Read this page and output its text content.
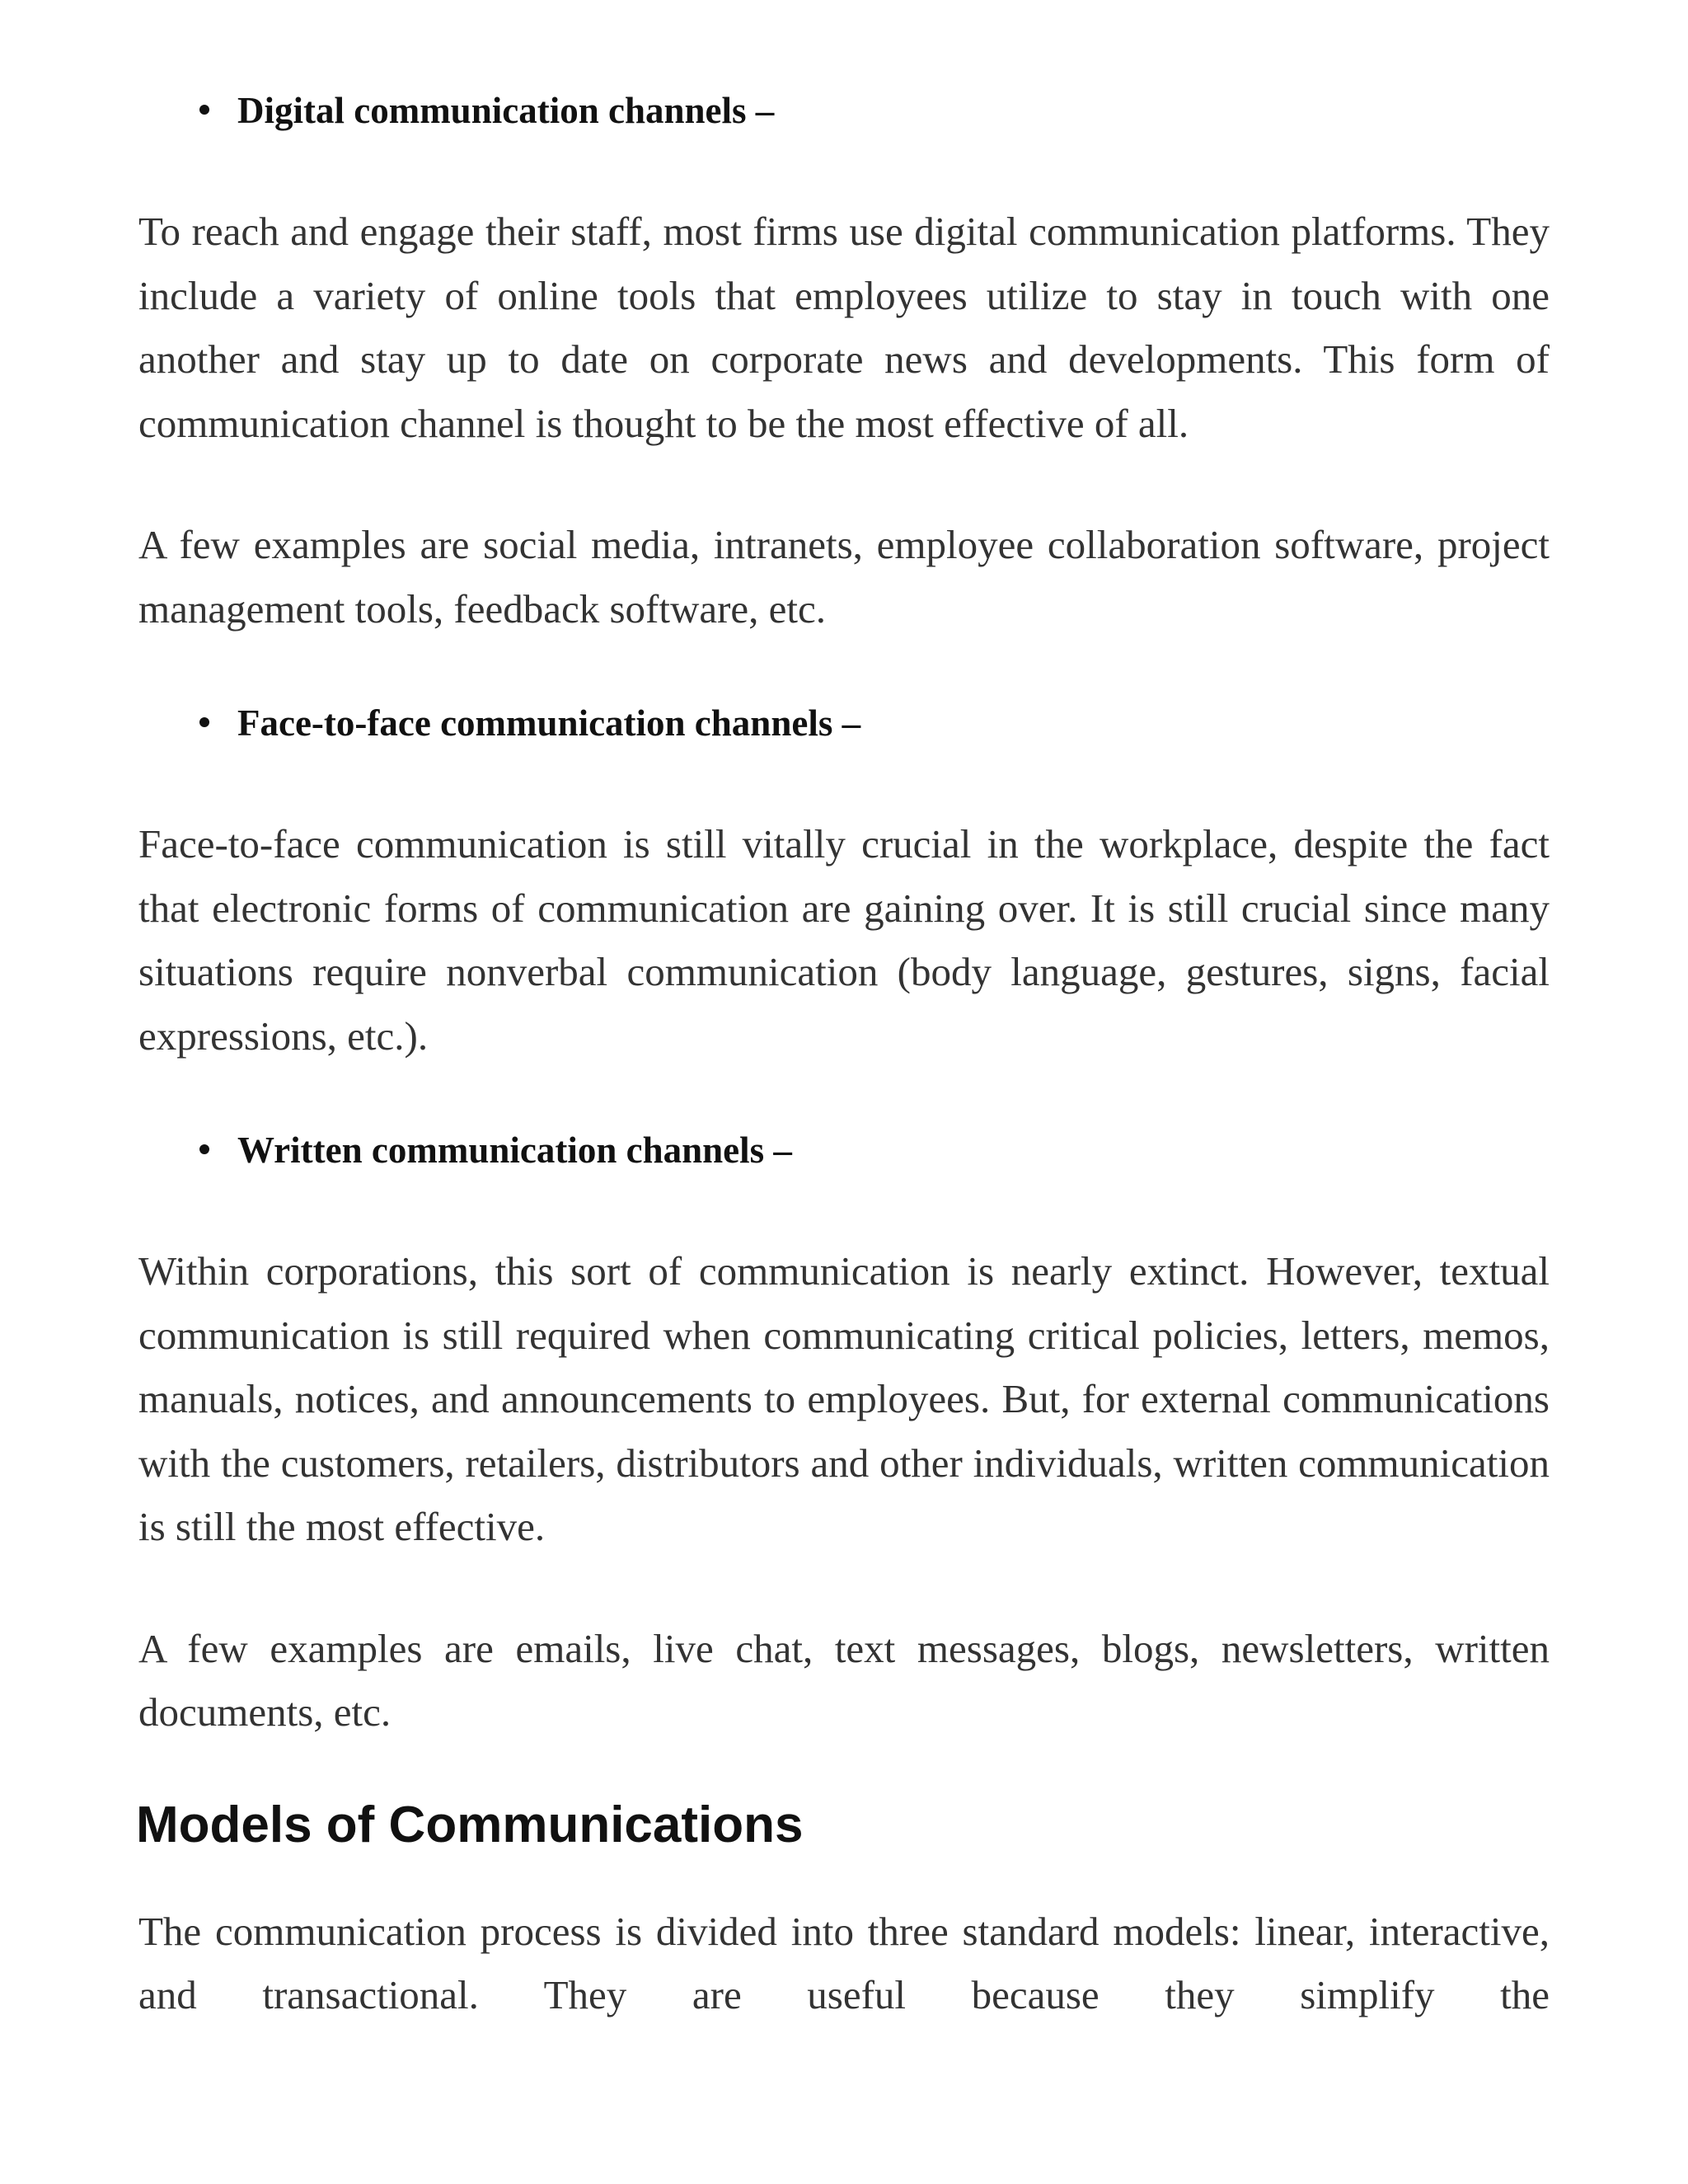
Digital communication channels –

To reach and engage their staff, most firms use digital communication platforms. They include a variety of online tools that employees utilize to stay in touch with one another and stay up to date on corporate news and developments. This form of communication channel is thought to be the most effective of all.

A few examples are social media, intranets, employee collaboration software, project management tools, feedback software, etc.

Face-to-face communication channels –

Face-to-face communication is still vitally crucial in the workplace, despite the fact that electronic forms of communication are gaining over. It is still crucial since many situations require nonverbal communication (body language, gestures, signs, facial expressions, etc.).

Written communication channels –

Within corporations, this sort of communication is nearly extinct. However, textual communication is still required when communicating critical policies, letters, memos, manuals, notices, and announcements to employees. But, for external communications with the customers, retailers, distributors and other individuals, written communication is still the most effective.

A few examples are emails, live chat, text messages, blogs, newsletters, written documents, etc.

Models of Communications

The communication process is divided into three standard models: linear, interactive, and transactional. They are useful because they simplify the
